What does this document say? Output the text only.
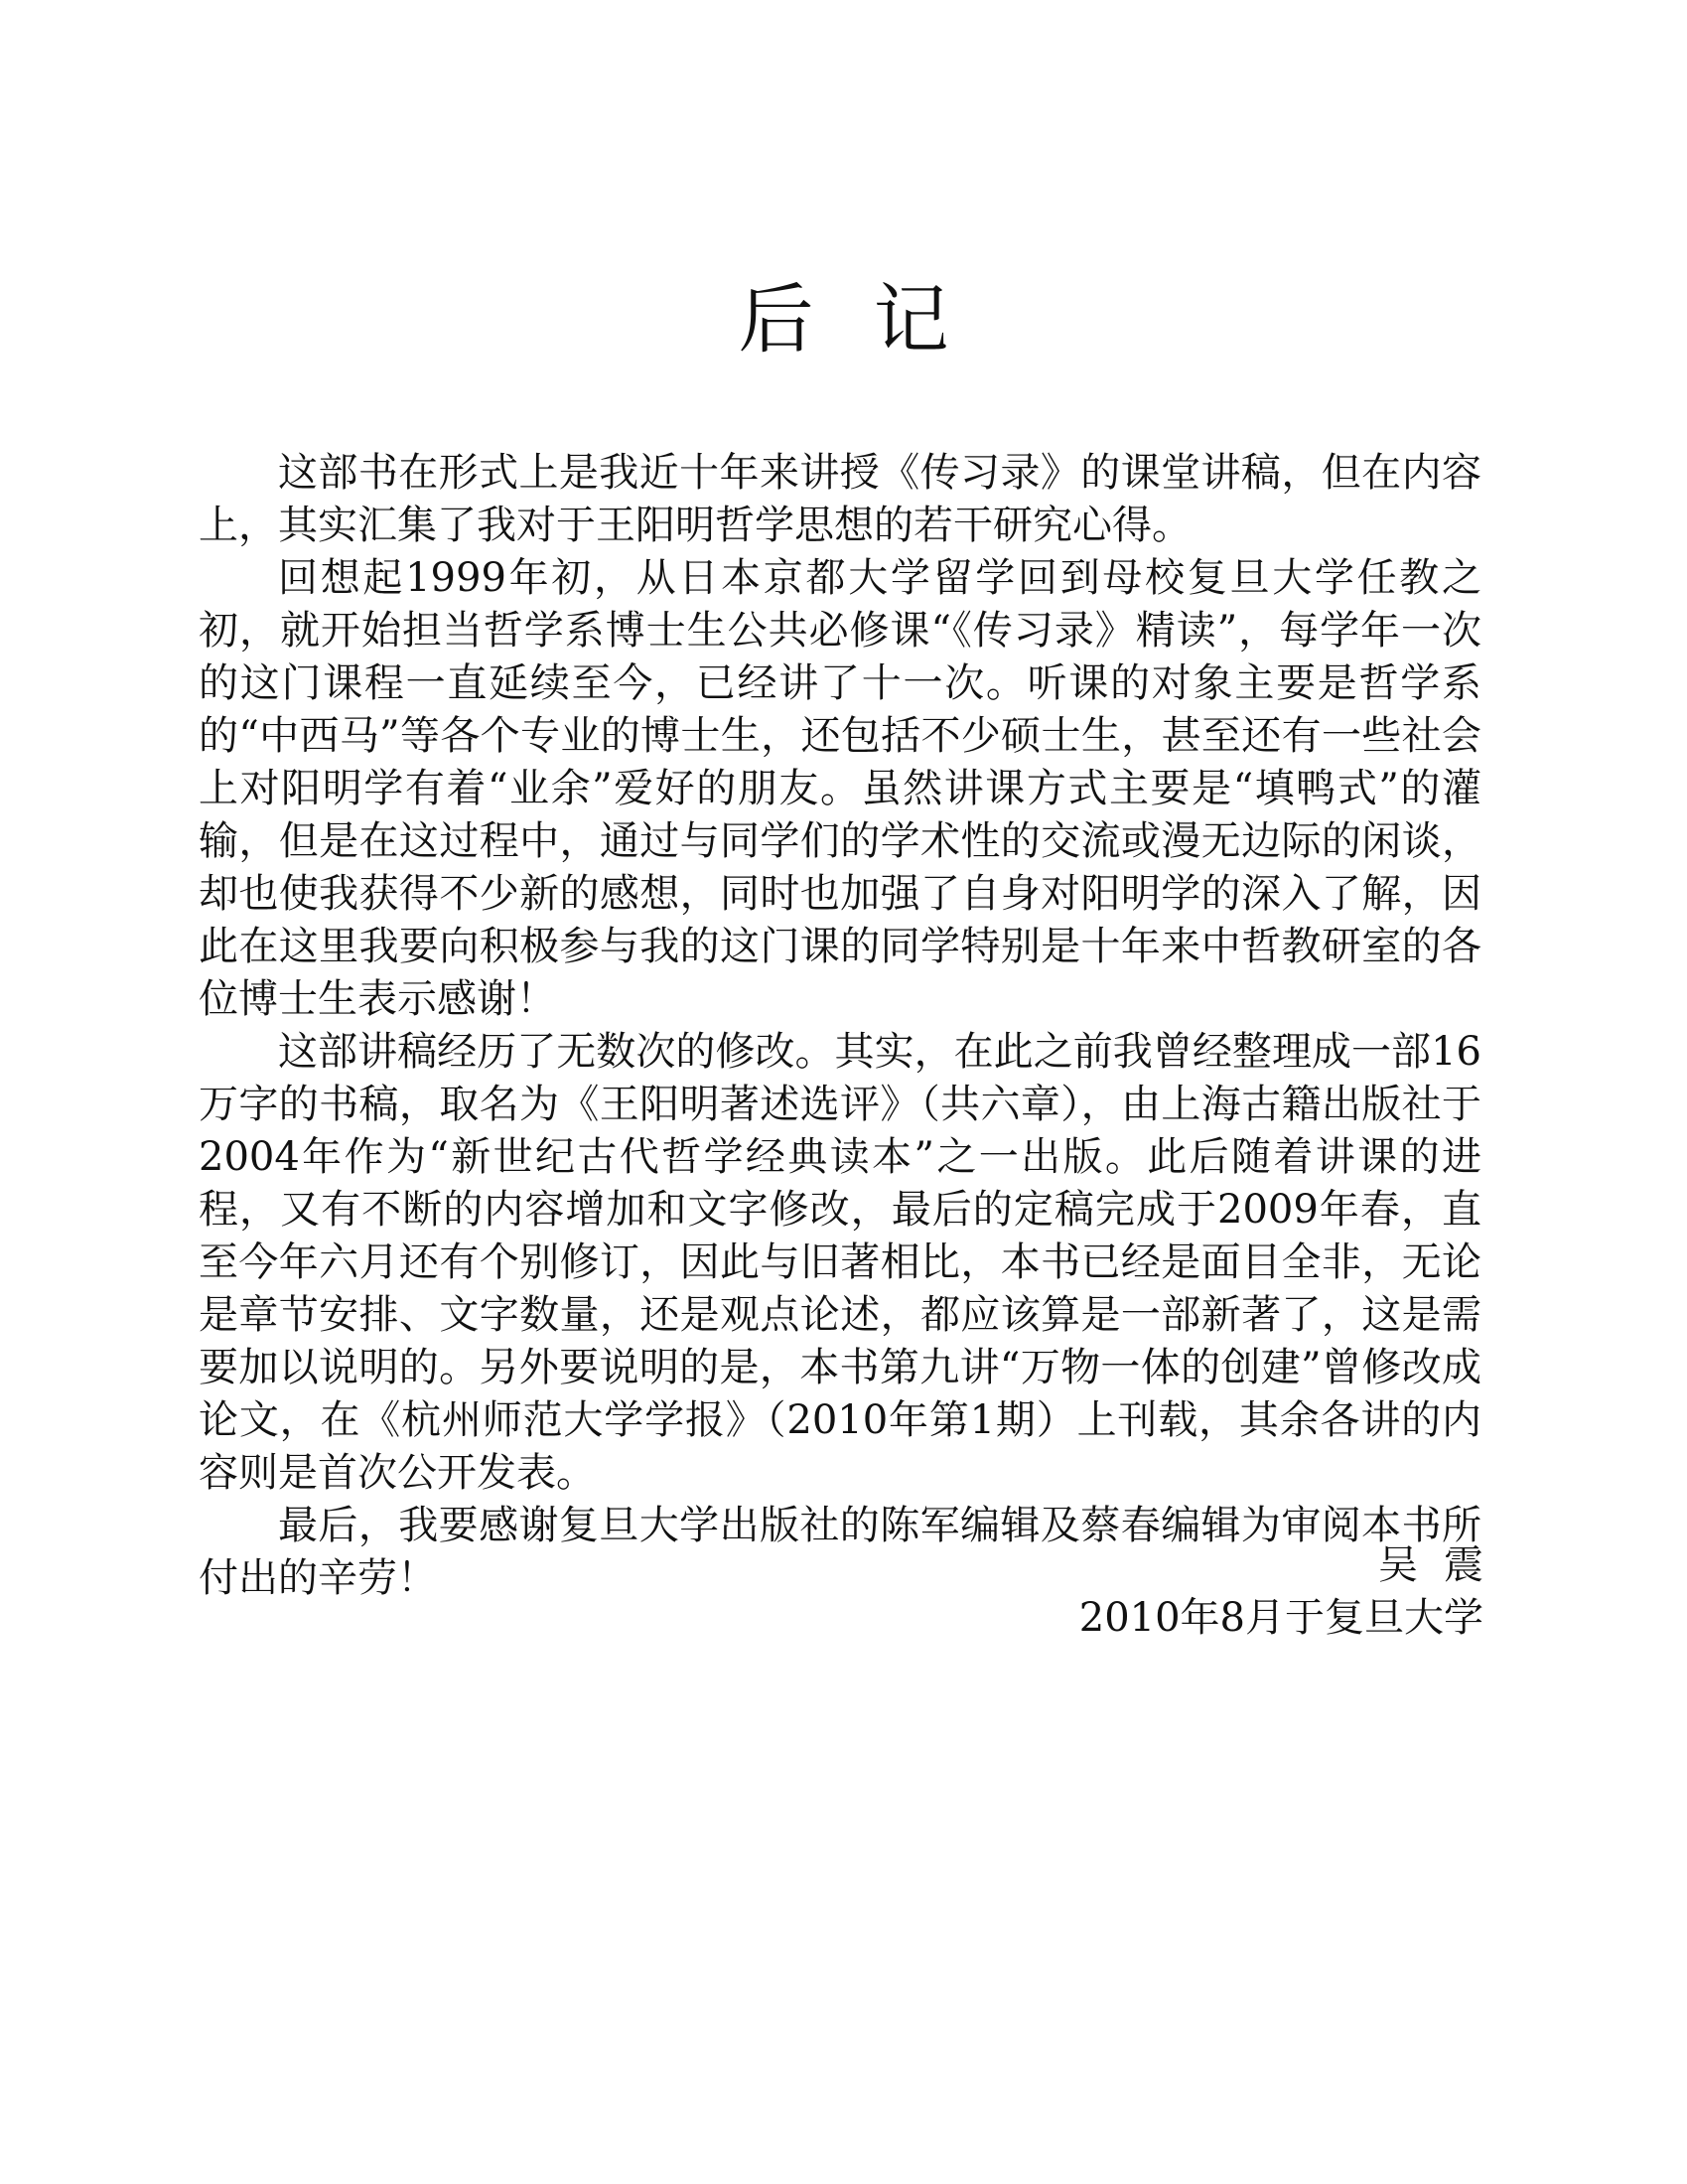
后记

这部书在形式上是我近十年来讲授《传习录》的课堂讲稿，但在内容上，其实汇集了我对于王阳明哲学思想的若干研究心得。

回想起1999年初，从日本京都大学留学回到母校复旦大学任教之初，就开始担当哲学系博士生公共必修课“《传习录》精读”，每学年一次的这门课程一直延续至今，已经讲了十一次。听课的对象主要是哲学系的“中西马”等各个专业的博士生，还包括不少硕士生，甚至还有一些社会上对阳明学有着“业余”爱好的朋友。虽然讲课方式主要是“填鸭式”的灌输，但是在这过程中，通过与同学们的学术性的交流或漫无边际的闲谈，却也使我获得不少新的感想，同时也加强了自身对阳明学的深入了解，因此在这里我要向积极参与我的这门课的同学特别是十年来中哲教研室的各位博士生表示感谢！

这部讲稿经历了无数次的修改。其实，在此之前我曾经整理成一部16万字的书稿，取名为《王阳明著述选评》（共六章），由上海古籍出版社于2004年作为“新世纪古代哲学经典读本”之一出版。此后随着讲课的进程，又有不断的内容增加和文字修改，最后的定稿完成于2009年春，直至今年六月还有个别修订，因此与旧著相比，本书已经是面目全非，无论是章节安排、文字数量，还是观点论述，都应该算是一部新著了，这是需要加以说明的。另外要说明的是，本书第九讲“万物一体的创建”曾修改成论文，在《杭州师范大学学报》（2010年第1期）上刊载，其余各讲的内容则是首次公开发表。

最后，我要感谢复旦大学出版社的陈军编辑及蔡春编辑为审阅本书所付出的辛劳！	吴震
2010年8月于复旦大学
